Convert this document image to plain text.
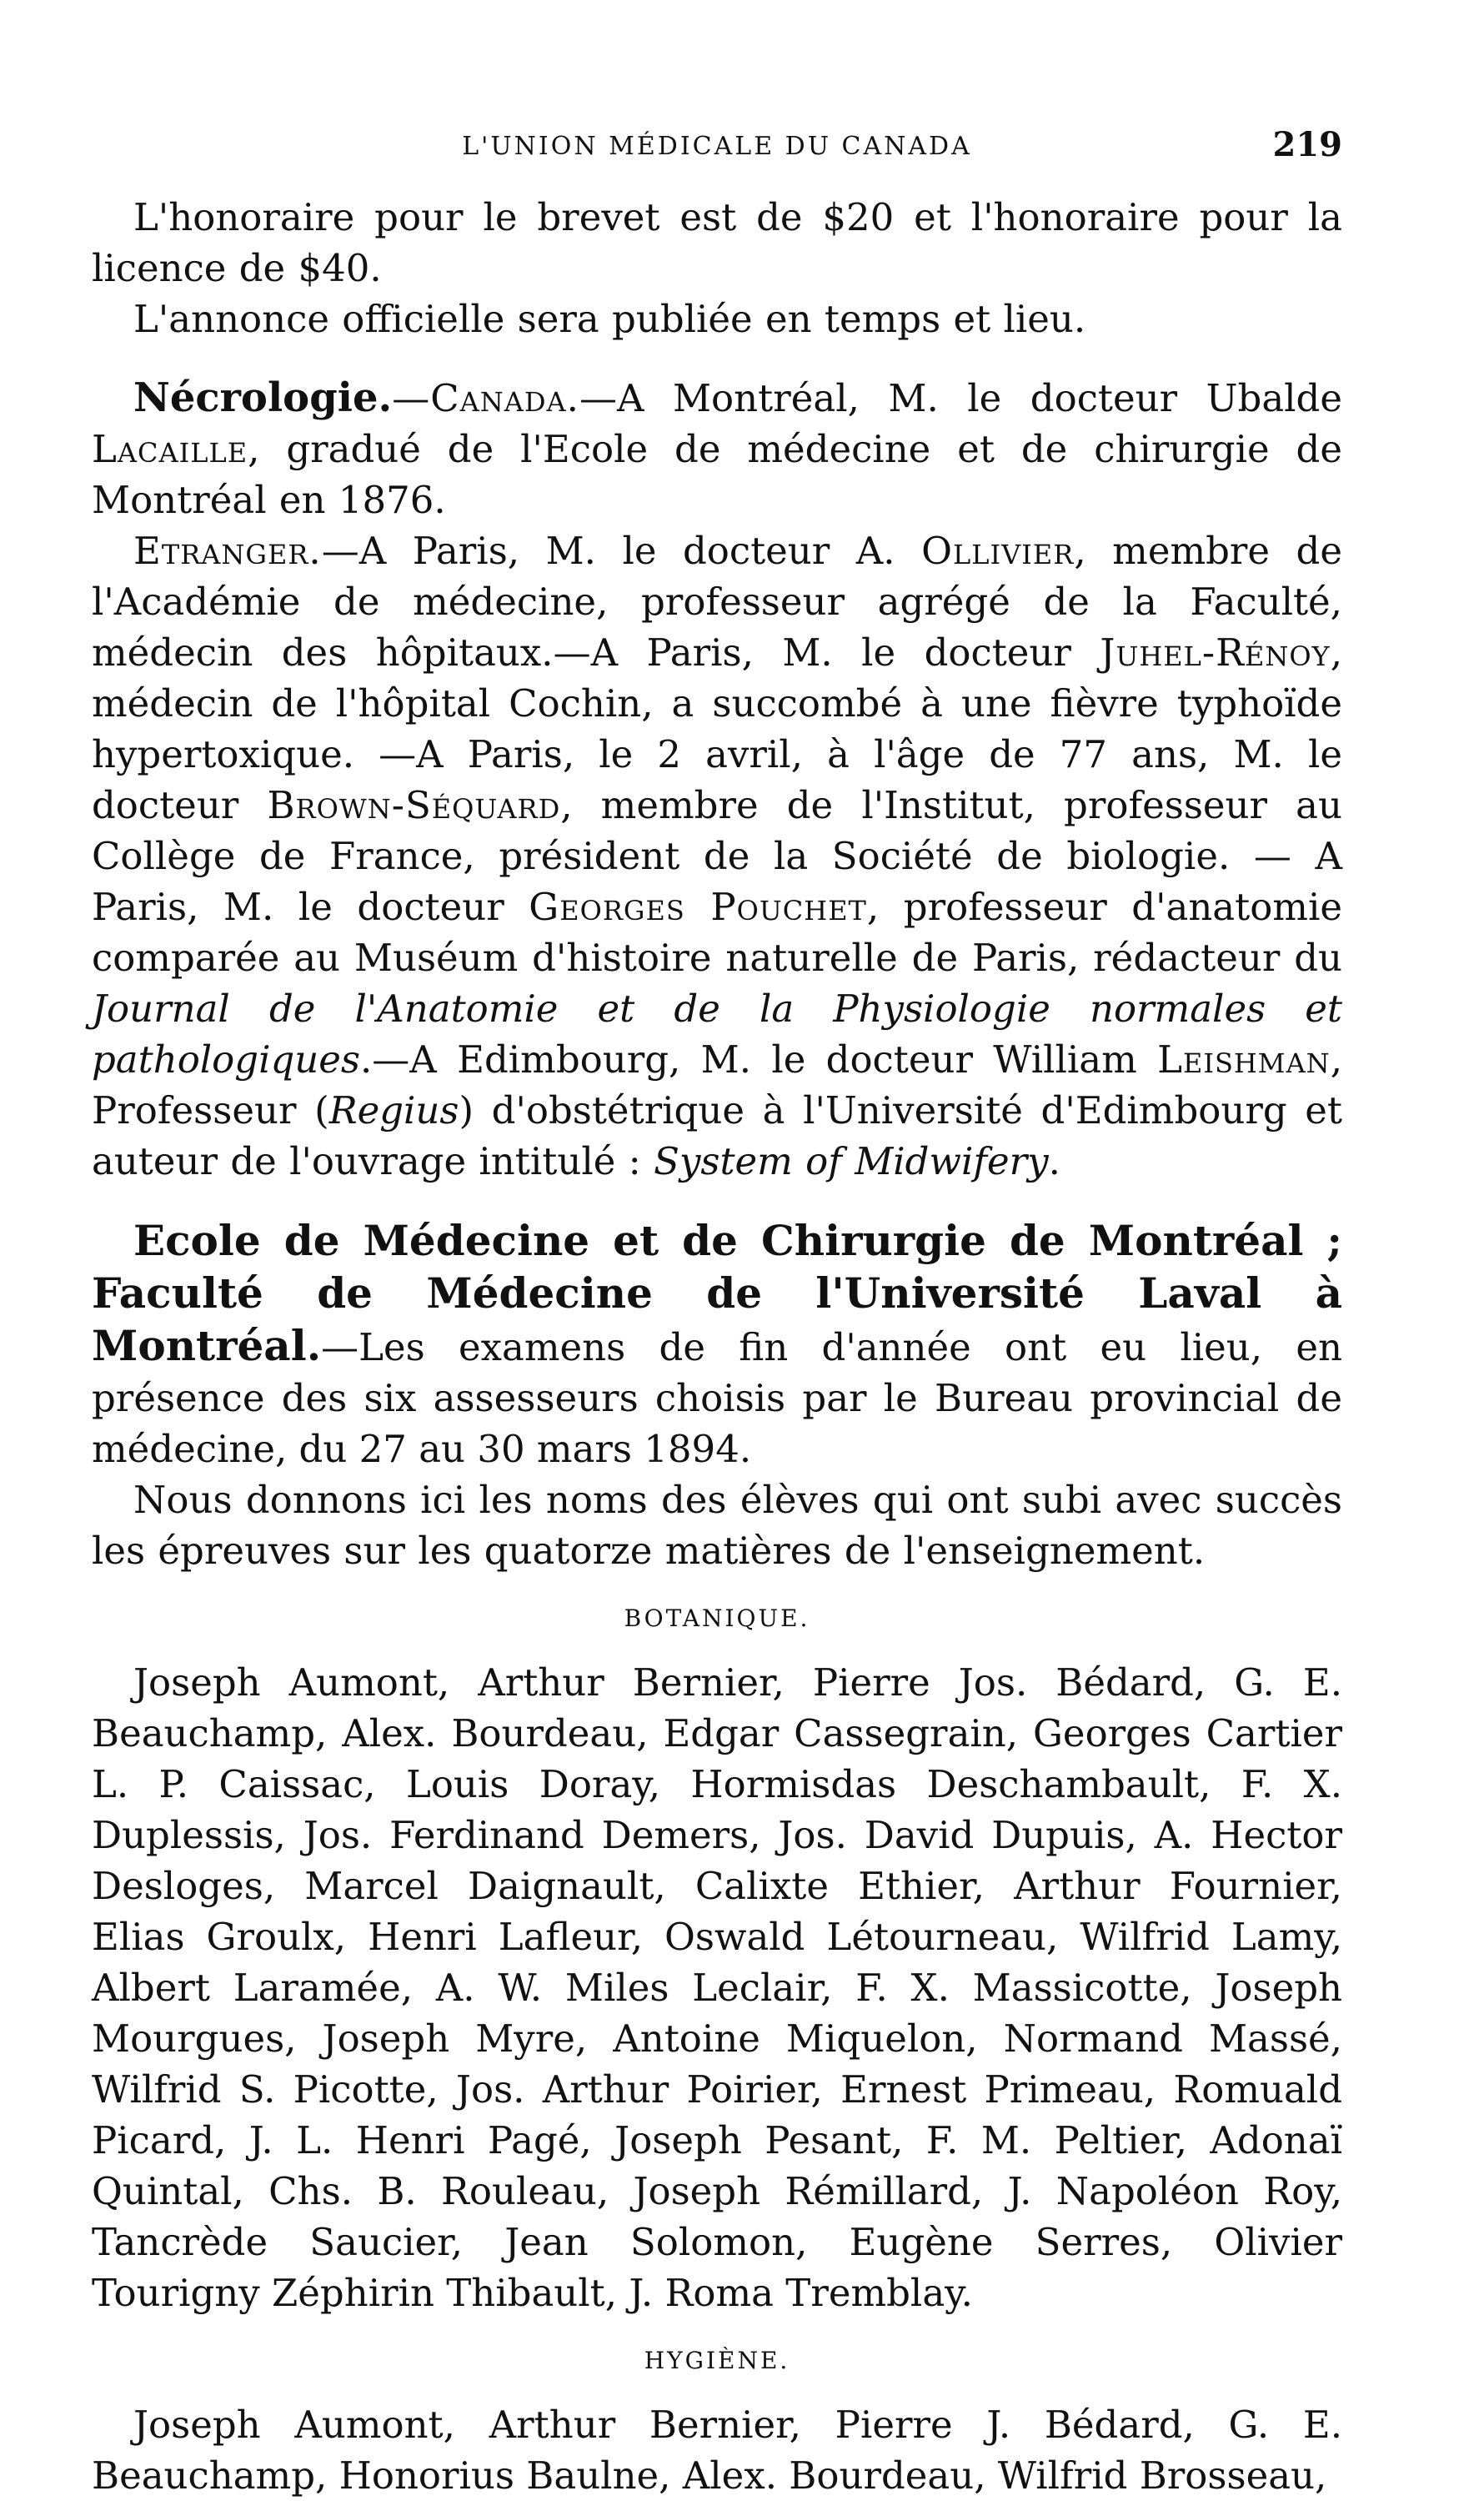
L'UNION MÉDICALE DU CANADA	219

L'honoraire pour le brevet est de $20 et l'honoraire pour la licence de $40.

L'annonce officielle sera publiée en temps et lieu.

Nécrologie.—Canada.—A Montréal, M. le docteur Ubalde Lacaille, gradué de l'Ecole de médecine et de chirurgie de Montréal en 1876.

Etranger.—A Paris, M. le docteur A. Ollivier, membre de l'Académie de médecine, professeur agrégé de la Faculté, médecin des hôpitaux.—A Paris, M. le docteur Juhel-Rénoy, médecin de l'hôpital Cochin, a succombé à une fièvre typhoïde hypertoxique. —A Paris, le 2 avril, à l'âge de 77 ans, M. le docteur Brown-Séquard, membre de l'Institut, professeur au Collège de France, président de la Société de biologie. — A Paris, M. le docteur Georges Pouchet, professeur d'anatomie comparée au Muséum d'histoire naturelle de Paris, rédacteur du Journal de l'Anatomie et de la Physiologie normales et pathologiques.—A Edimbourg, M. le docteur William Leishman, Professeur (Regius) d'obstétrique à l'Université d'Edimbourg et auteur de l'ouvrage intitulé : System of Midwifery.

Ecole de Médecine et de Chirurgie de Montréal ; Faculté de Médecine de l'Université Laval à Montréal.—Les examens de fin d'année ont eu lieu, en présence des six assesseurs choisis par le Bureau provincial de médecine, du 27 au 30 mars 1894.

Nous donnons ici les noms des élèves qui ont subi avec succès les épreuves sur les quatorze matières de l'enseignement.

BOTANIQUE.

Joseph Aumont, Arthur Bernier, Pierre Jos. Bédard, G. E. Beauchamp, Alex. Bourdeau, Edgar Cassegrain, Georges Cartier L. P. Caissac, Louis Doray, Hormisdas Deschambault, F. X. Duplessis, Jos. Ferdinand Demers, Jos. David Dupuis, A. Hector Desloges, Marcel Daignault, Calixte Ethier, Arthur Fournier, Elias Groulx, Henri Lafleur, Oswald Létourneau, Wilfrid Lamy, Albert Laramée, A. W. Miles Leclair, F. X. Massicotte, Joseph Mourgues, Joseph Myre, Antoine Miquelon, Normand Massé, Wilfrid S. Picotte, Jos. Arthur Poirier, Ernest Primeau, Romuald Picard, J. L. Henri Pagé, Joseph Pesant, F. M. Peltier, Adonaï Quintal, Chs. B. Rouleau, Joseph Rémillard, J. Napoléon Roy, Tancrède Saucier, Jean Solomon, Eugène Serres, Olivier Tourigny Zéphirin Thibault, J. Roma Tremblay.

HYGIÈNE.

Joseph Aumont, Arthur Bernier, Pierre J. Bédard, G. E. Beauchamp, Honorius Baulne, Alex. Bourdeau, Wilfrid Brosseau,
